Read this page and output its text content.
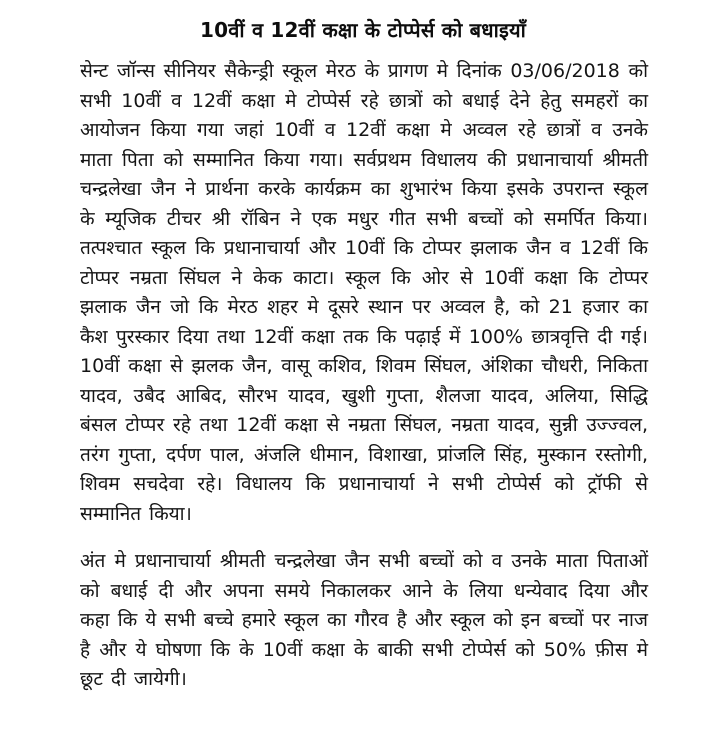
10वीं व 12वीं कक्षा के टोप्पेर्स को बधाइयाँ

सेन्ट जॉन्स सीनियर सैकेन्ड्री स्कूल मेरठ के प्रागण मे दिनांक 03/06/2018 को सभी 10वीं व 12वीं कक्षा मे टोप्पेर्स रहे छात्रों को बधाई देने हेतु समहरों का आयोजन किया गया जहां 10वीं व 12वीं कक्षा मे अव्वल रहे छात्रों व उनके माता पिता को सम्मानित किया गया। सर्वप्रथम विधालय की प्रधानाचार्या श्रीमती चन्द्रलेखा जैन ने प्रार्थना करके कार्यक्रम का शुभारंभ किया इसके उपरान्त स्कूल के म्यूजिक टीचर श्री रॉबिन ने एक मधुर गीत सभी बच्चों को समर्पित किया। तत्पश्चात स्कूल कि प्रधानाचार्या और 10वीं कि टोप्पर झलाक जैन व 12वीं कि टोप्पर नम्रता सिंघल ने केक काटा। स्कूल कि ओर से 10वीं कक्षा कि टोप्पर झलाक जैन जो कि मेरठ शहर मे दूसरे स्थान पर अव्वल है, को 21 हजार का कैश पुरस्कार दिया तथा 12वीं कक्षा तक कि पढ़ाई में 100% छात्रवृत्ति दी गई। 10वीं कक्षा से झलक जैन, वासू कशिव, शिवम सिंघल, अंशिका चौधरी, निकिता यादव, उबैद आबिद, सौरभ यादव, खुशी गुप्ता, शैलजा यादव, अलिया, सिद्धि बंसल टोप्पर रहे तथा 12वीं कक्षा से नम्रता सिंघल, नम्रता यादव, सुन्नी उज्ज्वल, तरंग गुप्ता, दर्पण पाल, अंजलि धीमान, विशाखा, प्रांजलि सिंह, मुस्कान रस्तोगी, शिवम सचदेवा रहे। विधालय कि प्रधानाचार्या ने सभी टोप्पेर्स को ट्रॉफी से सम्मानित किया।

अंत मे प्रधानाचार्या श्रीमती चन्द्रलेखा जैन सभी बच्चों को व उनके माता पिताओं को बधाई दी और अपना समये निकालकर आने के लिया धन्येवाद दिया और कहा कि ये सभी बच्चे हमारे स्कूल का गौरव है और स्कूल को इन बच्चों पर नाज है और ये घोषणा कि के 10वीं कक्षा के बाकी सभी टोप्पेर्स को 50% फ़ीस मे छूट दी जायेगी।
